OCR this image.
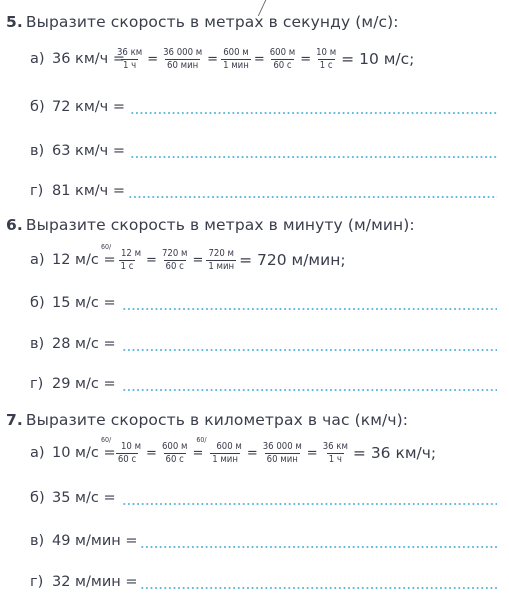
5. Выразите скорость в метрах в секунду (м/с):
а) 36 км/ч =
$\frac{36 км}{1 ч} = \frac{36 000 м}{\text{60 мин}} = \frac{600 м}{\text{1 мин}} = \frac{600 м}{60 с} = \frac{10 м}{1 с} = 10$ м/с;
б) 72 км/ч =
в) 63 км/ч =
г) 81 км/ч =
6. Выразите скорость в метрах в минуту (м/мин):
а) 12 м/с =
60/
12 м
1 $с = \frac{720 м}{60 с} = \frac{720 м}{\text{1 мин}} = 720$ м/мин;
б) 15 м/с =
в) 28 м/с =
г) 29 м/с =
7. Выразите скорость в километрах в час (км/ч):
а) 10 м/с =
60/
10 м
60 $с = \frac{600 м}{60 с} = 60/$
600 м
1 мин = $\frac{36 000 м}{\text{60 мин}} = \frac{36 км}{1 ч} = 36$ км/ч;
б) 35 м/с =
в) 49 м/мин =
г) 32 м/мин =
